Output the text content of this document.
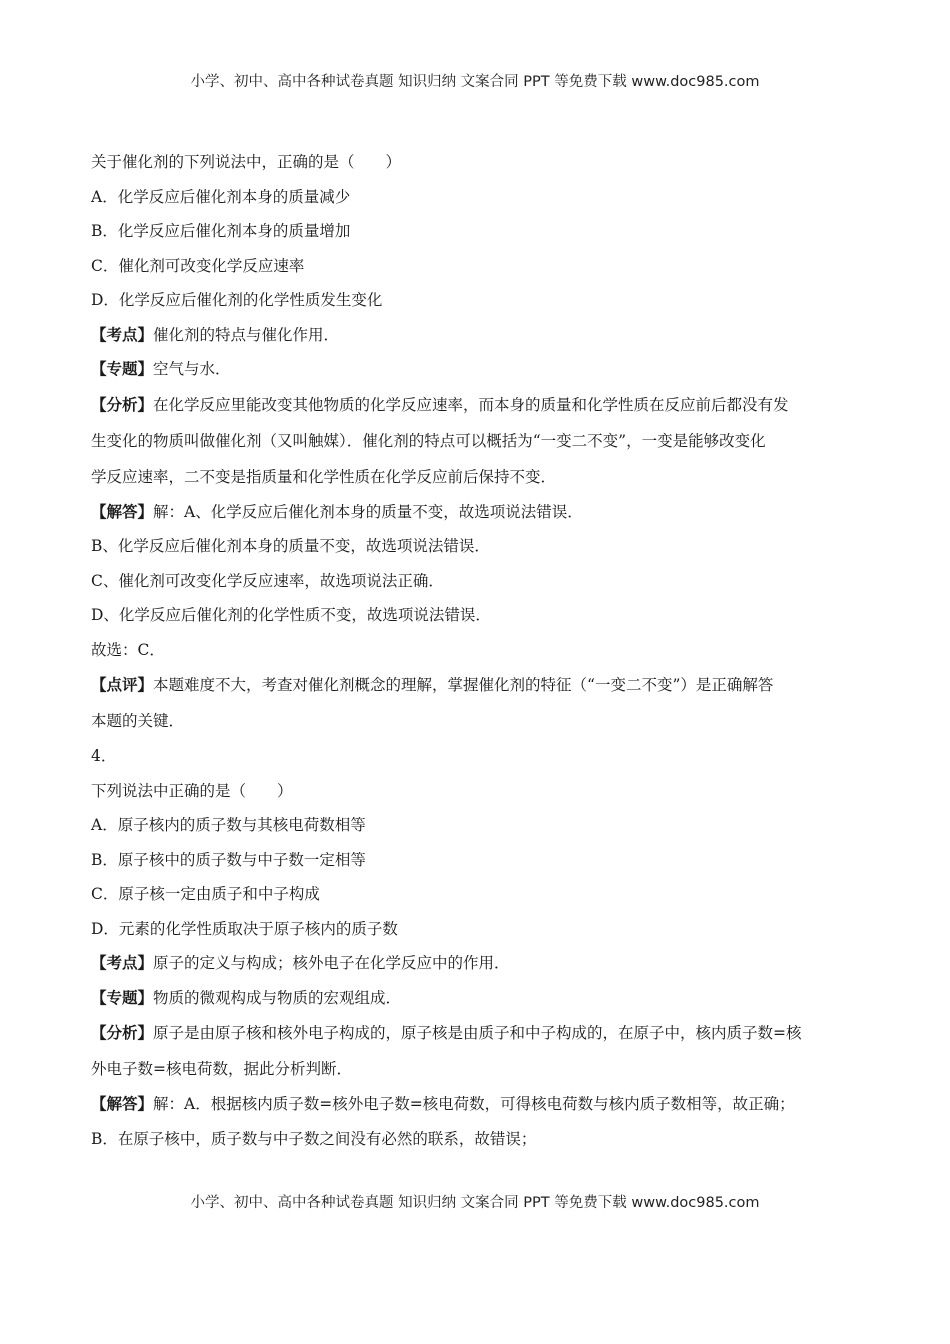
小学、初中、高中各种试卷真题 知识归纳 文案合同 PPT 等免费下载 www.doc985.com
关于催化剂的下列说法中，正确的是（　　）
A．化学反应后催化剂本身的质量减少
B．化学反应后催化剂本身的质量增加
C．催化剂可改变化学反应速率
D．化学反应后催化剂的化学性质发生变化
【考点】催化剂的特点与催化作用．
【专题】空气与水．
【分析】在化学反应里能改变其他物质的化学反应速率，而本身的质量和化学性质在反应前后都没有发
生变化的物质叫做催化剂（又叫触媒）．催化剂的特点可以概括为“一变二不变”，一变是能够改变化
学反应速率，二不变是指质量和化学性质在化学反应前后保持不变．
【解答】解：A、化学反应后催化剂本身的质量不变，故选项说法错误．
B、化学反应后催化剂本身的质量不变，故选项说法错误．
C、催化剂可改变化学反应速率，故选项说法正确．
D、化学反应后催化剂的化学性质不变，故选项说法错误．
故选：C．
【点评】本题难度不大，考查对催化剂概念的理解，掌握催化剂的特征（“一变二不变”）是正确解答
本题的关键．
4．
下列说法中正确的是（　　）
A．原子核内的质子数与其核电荷数相等
B．原子核中的质子数与中子数一定相等
C．原子核一定由质子和中子构成
D．元素的化学性质取决于原子核内的质子数
【考点】原子的定义与构成；核外电子在化学反应中的作用．
【专题】物质的微观构成与物质的宏观组成．
【分析】原子是由原子核和核外电子构成的，原子核是由质子和中子构成的，在原子中，核内质子数=核
外电子数=核电荷数，据此分析判断．
【解答】解：A．根据核内质子数=核外电子数=核电荷数，可得核电荷数与核内质子数相等，故正确；
B．在原子核中，质子数与中子数之间没有必然的联系，故错误；
小学、初中、高中各种试卷真题 知识归纳 文案合同 PPT 等免费下载 www.doc985.com
